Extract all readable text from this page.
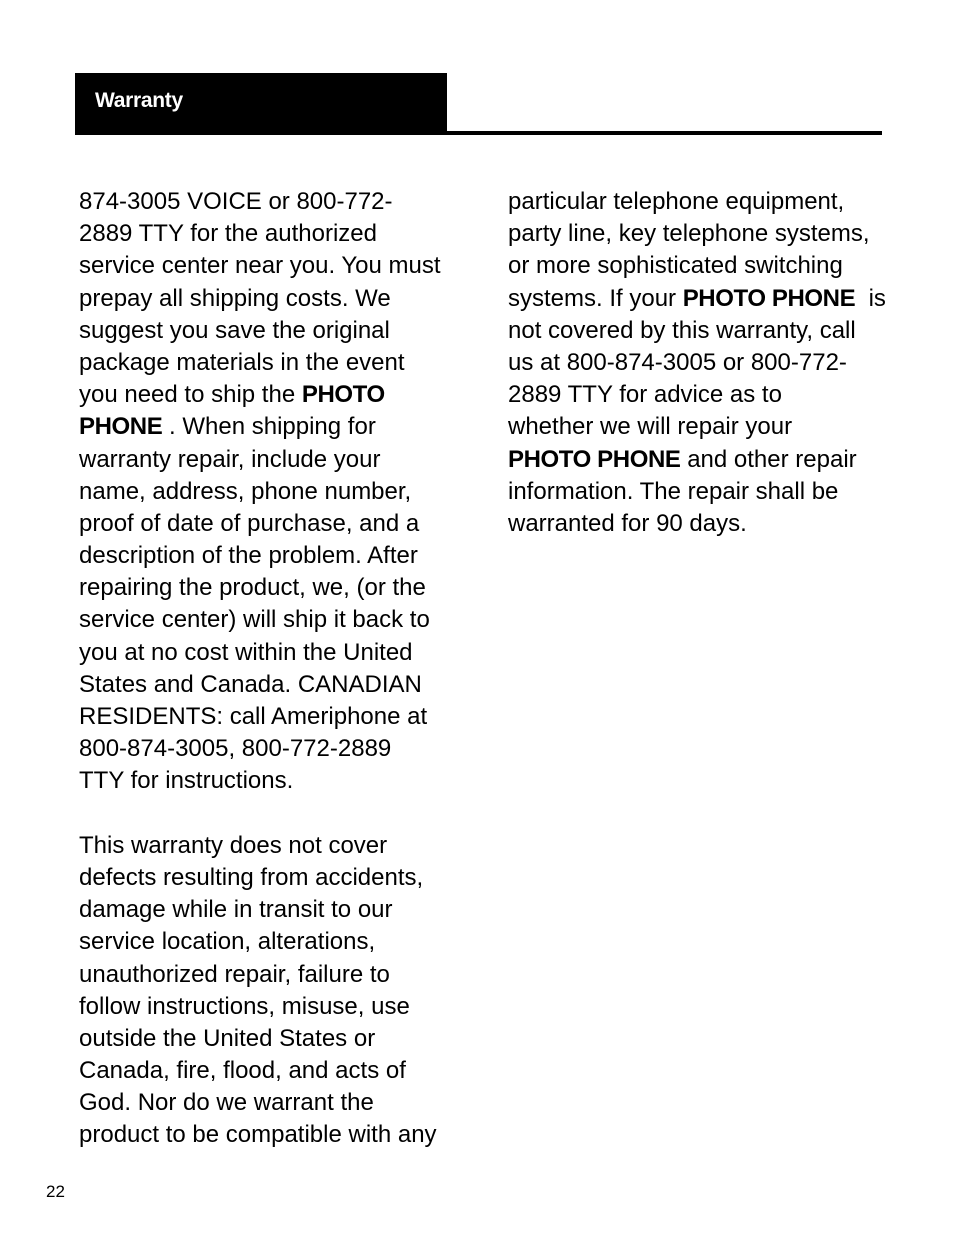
Warranty
874-3005 VOICE or 800-772-
2889 TTY for the authorized
service center near you. You must
prepay all shipping costs. We
suggest you save the original
package materials in the event
you need to ship the PHOTO
PHONE . When shipping for
warranty repair, include your
name, address, phone number,
proof of date of purchase, and a
description of the problem. After
repairing the product, we, (or the
service center) will ship it back to
you at no cost within the United
States and Canada. CANADIAN
RESIDENTS: call Ameriphone at
800-874-3005, 800-772-2889
TTY for instructions.
This warranty does not cover
defects resulting from accidents,
damage while in transit to our
service location, alterations,
unauthorized repair, failure to
follow instructions, misuse, use
outside the United States or
Canada, fire, flood, and acts of
God. Nor do we warrant the
product to be compatible with any
particular telephone equipment,
party line, key telephone systems,
or more sophisticated switching
systems. If your PHOTO PHONE  is
not covered by this warranty, call
us at 800-874-3005 or 800-772-
2889 TTY for advice as to
whether we will repair your
PHOTO PHONE and other repair
information. The repair shall be
warranted for 90 days.
22
